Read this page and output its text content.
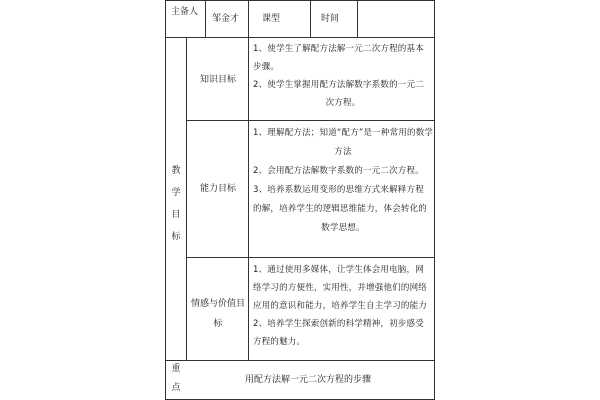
主备人
邹金才	课型	时间
教
学
目
标
知识目标
1、使学生了解配方法解一元二次方程的基本
步骤。
2、使学生掌握用配方法解数字系数的一元二
次方程。
能力目标
1、理解配方法；知道“配方”是一种常用的数学
方法
2、会用配方法解数字系数的一元二次方程。
3、培养系数运用变形的思维方式来解释方程
的解，培养学生的逻辑思维能力，体会转化的
数学思想。
情感与价值目
标
1、通过使用多媒体，让学生体会用电脑，网
络学习的方便性，实用性，并增强他们的网络
应用的意识和能力，培养学生自主学习的能力
2、培养学生探索创新的科学精神，初步感受
方程的魅力。
重
点
用配方法解一元二次方程的步骤
